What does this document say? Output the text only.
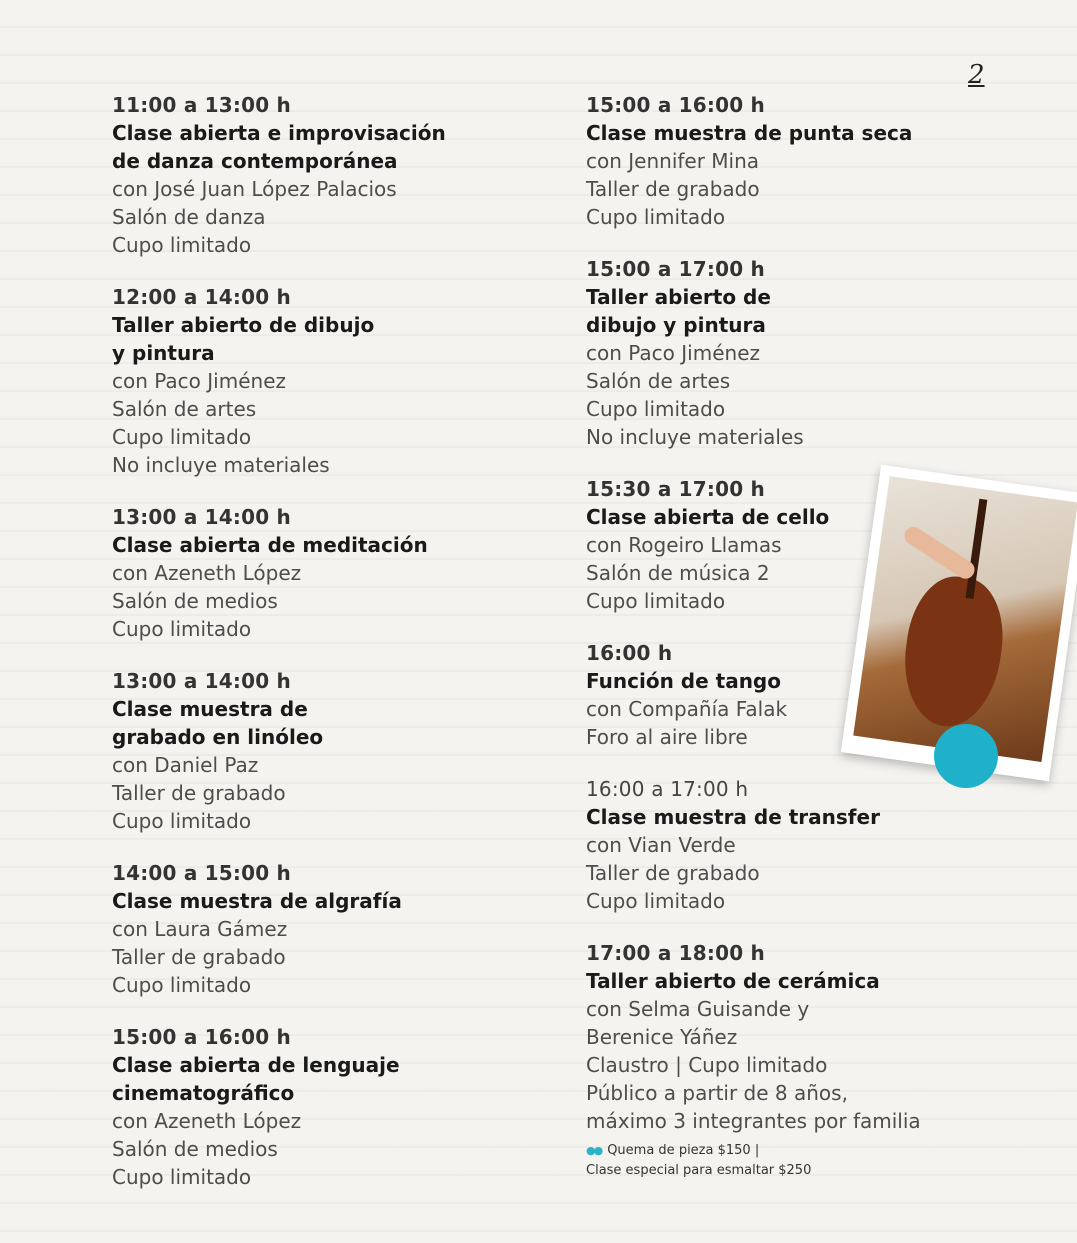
2
11:00 a 13:00 h
Clase abierta e improvisación
de danza contemporánea
con José Juan López Palacios
Salón de danza
Cupo limitado
12:00 a 14:00 h
Taller abierto de dibujo
y pintura
con Paco Jiménez
Salón de artes
Cupo limitado
No incluye materiales
13:00 a 14:00 h
Clase abierta de meditación
con Azeneth López
Salón de medios
Cupo limitado
13:00 a 14:00 h
Clase muestra de
grabado en linóleo
con Daniel Paz
Taller de grabado
Cupo limitado
14:00 a 15:00 h
Clase muestra de algrafía
con Laura Gámez
Taller de grabado
Cupo limitado
15:00 a 16:00 h
Clase abierta de lenguaje
cinematográfico
con Azeneth López
Salón de medios
Cupo limitado
15:00 a 16:00 h
Clase muestra de punta seca
con Jennifer Mina
Taller de grabado
Cupo limitado
15:00 a 17:00 h
Taller abierto de
dibujo y pintura
con Paco Jiménez
Salón de artes
Cupo limitado
No incluye materiales
15:30 a 17:00 h
Clase abierta de cello
con Rogeiro Llamas
Salón de música 2
Cupo limitado
16:00 h
Función de tango
con Compañía Falak
Foro al aire libre
16:00 a 17:00 h
Clase muestra de transfer
con Vian Verde
Taller de grabado
Cupo limitado
17:00 a 18:00 h
Taller abierto de cerámica
con Selma Guisande y
Berenice Yáñez
Claustro | Cupo limitado
Público a partir de 8 años,
máximo 3 integrantes por familia
●● Quema de pieza $150 |
Clase especial para esmaltar $250
